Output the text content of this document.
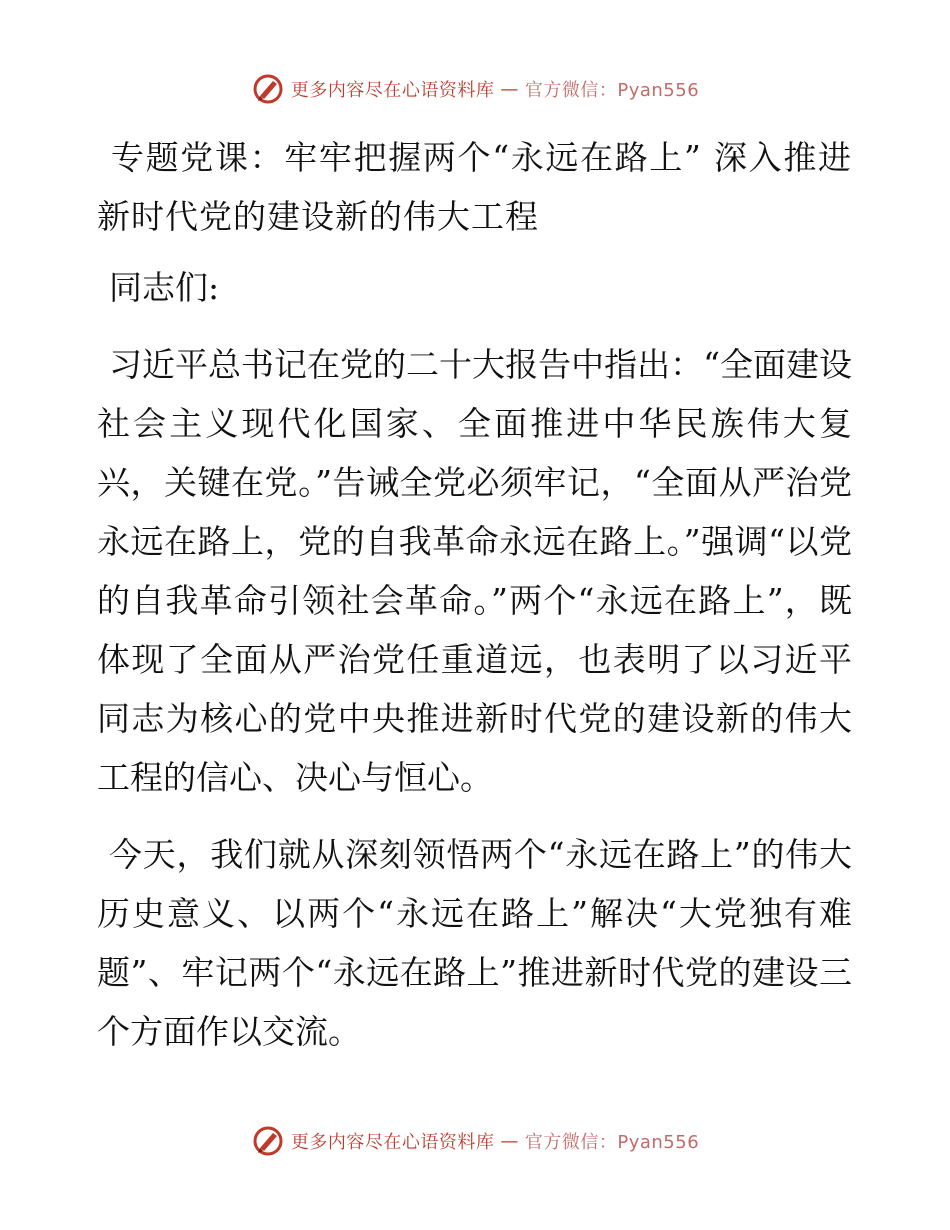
更多内容尽在心语资料库 — 官方微信：Pyan556

专题党课：牢牢把握两个“永远在路上” 深入推进新时代党的建设新的伟大工程

同志们:

习近平总书记在党的二十大报告中指出：“全面建设社会主义现代化国家、全面推进中华民族伟大复兴，关键在党。”告诫全党必须牢记，“全面从严治党永远在路上，党的自我革命永远在路上。”强调“以党的自我革命引领社会革命。”两个“永远在路上”，既体现了全面从严治党任重道远，也表明了以习近平同志为核心的党中央推进新时代党的建设新的伟大工程的信心、决心与恒心。

今天，我们就从深刻领悟两个“永远在路上”的伟大历史意义、以两个“永远在路上”解决“大党独有难题”、牢记两个“永远在路上”推进新时代党的建设三个方面作以交流。

更多内容尽在心语资料库 — 官方微信：Pyan556
